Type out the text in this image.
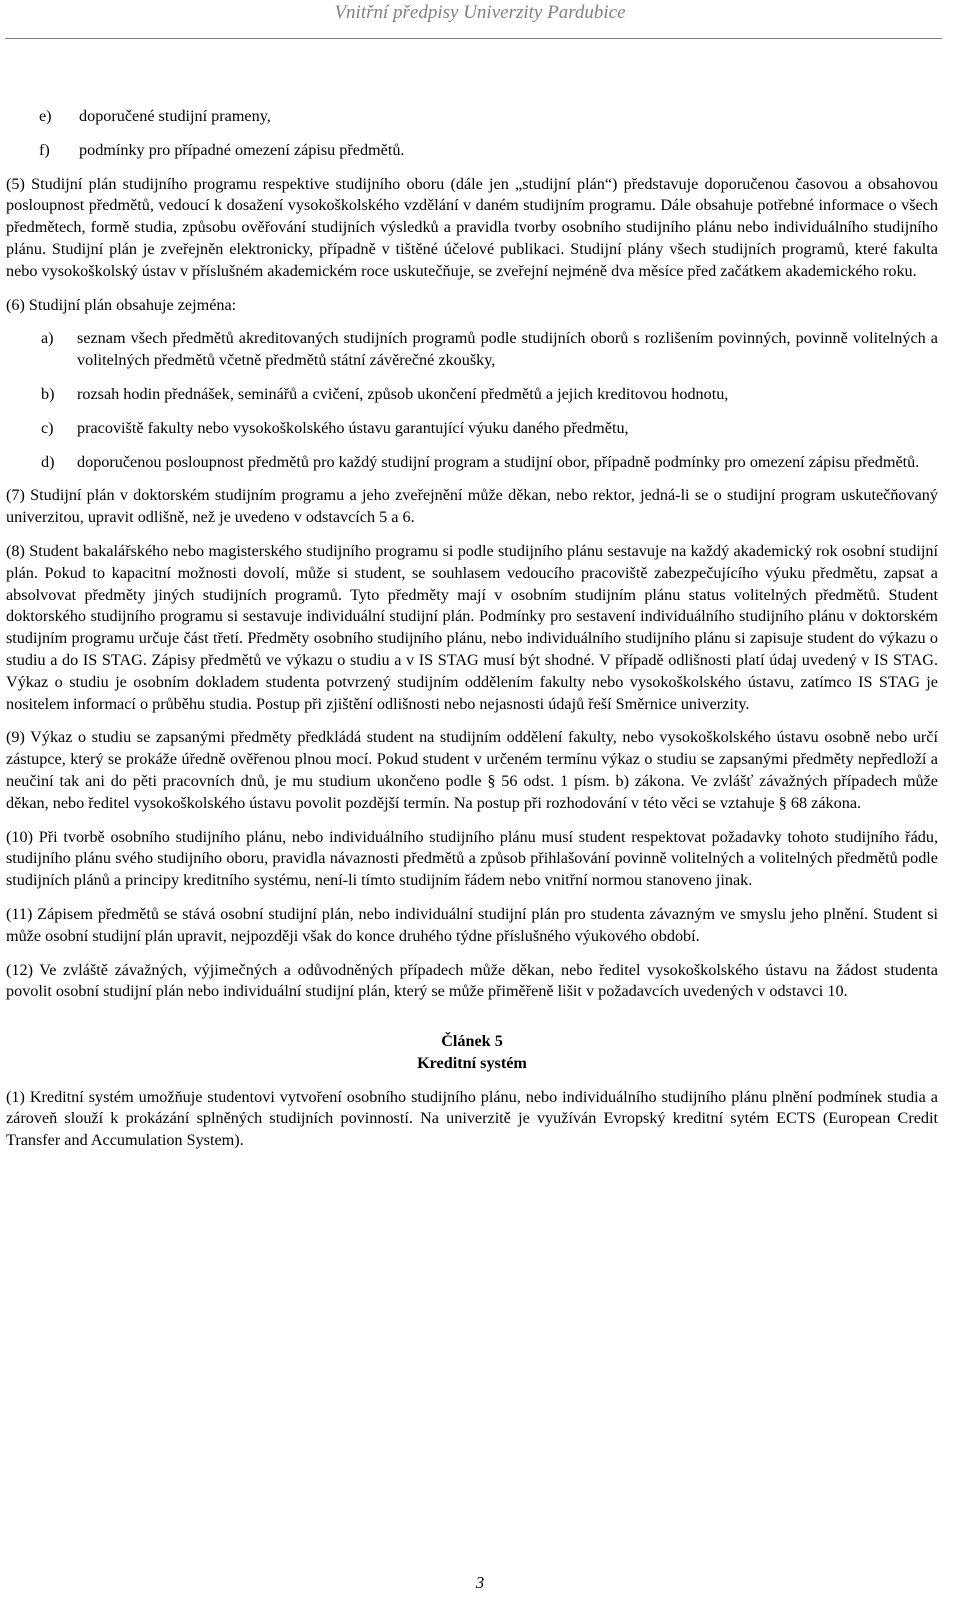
Vnitřní předpisy Univerzity Pardubice
e)	doporučené studijní prameny,
f)	podmínky pro případné omezení zápisu předmětů.

(5) Studijní plán studijního programu respektive studijního oboru (dále jen „studijní plán“) představuje doporučenou časovou a obsahovou posloupnost předmětů, vedoucí k dosažení vysokoškolského vzdělání v daném studijním programu. Dále obsahuje potřebné informace o všech předmětech, formě studia, způsobu ověřování studijních výsledků a pravidla tvorby osobního studijního plánu nebo individuálního studijního plánu. Studijní plán je zveřejněn elektronicky, případně v tištěné účelové publikaci. Studijní plány všech studijních programů, které fakulta nebo vysokoškolský ústav v příslušném akademickém roce uskutečňuje, se zveřejní nejméně dva měsíce před začátkem akademického roku.

(6) Studijní plán obsahuje zejména:

a)	seznam všech předmětů akreditovaných studijních programů podle studijních oborů s rozlišením povinných, povinně volitelných a volitelných předmětů včetně předmětů státní závěrečné zkoušky,
b)	rozsah hodin přednášek, seminářů a cvičení, způsob ukončení předmětů a jejich kreditovou hodnotu,
c)	pracoviště fakulty nebo vysokoškolského ústavu garantující výuku daného předmětu,
d)	doporučenou posloupnost předmětů pro každý studijní program a studijní obor, případně podmínky pro omezení zápisu předmětů.

(7) Studijní plán v doktorském studijním programu a jeho zveřejnění může děkan, nebo rektor, jedná-li se o studijní program uskutečňovaný univerzitou, upravit odlišně, než je uvedeno v odstavcích 5 a 6.

(8) Student bakalářského nebo magisterského studijního programu si podle studijního plánu sestavuje na každý akademický rok osobní studijní plán. Pokud to kapacitní možnosti dovolí, může si student, se souhlasem vedoucího pracoviště zabezpečujícího výuku předmětu, zapsat a absolvovat předměty jiných studijních programů. Tyto předměty mají v osobním studijním plánu status volitelných předmětů. Student doktorského studijního programu si sestavuje individuální studijní plán. Podmínky pro sestavení individuálního studijního plánu v doktorském studijním programu určuje část třetí. Předměty osobního studijního plánu, nebo individuálního studijního plánu si zapisuje student do výkazu o studiu a do IS STAG. Zápisy předmětů ve výkazu o studiu a v IS STAG musí být shodné. V případě odlišnosti platí údaj uvedený v IS STAG. Výkaz o studiu je osobním dokladem studenta potvrzený studijním oddělením fakulty nebo vysokoškolského ústavu, zatímco IS STAG je nositelem informací o průběhu studia. Postup při zjištění odlišnosti nebo nejasnosti údajů řeší Směrnice univerzity.

(9) Výkaz o studiu se zapsanými předměty předkládá student na studijním oddělení fakulty, nebo vysokoškolského ústavu osobně nebo určí zástupce, který se prokáže úředně ověřenou plnou mocí. Pokud student v určeném termínu výkaz o studiu se zapsanými předměty nepředloží a neučiní tak ani do pěti pracovních dnů, je mu studium ukončeno podle § 56 odst. 1 písm. b) zákona. Ve zvlášť závažných případech může děkan, nebo ředitel vysokoškolského ústavu povolit pozdější termín. Na postup při rozhodování v této věci se vztahuje § 68 zákona.

(10) Při tvorbě osobního studijního plánu, nebo individuálního studijního plánu musí student respektovat požadavky tohoto studijního řádu, studijního plánu svého studijního oboru, pravidla návaznosti předmětů a způsob přihlašování povinně volitelných a volitelných předmětů podle studijních plánů a principy kreditního systému, není-li tímto studijním řádem nebo vnitřní normou stanoveno jinak.

(11) Zápisem předmětů se stává osobní studijní plán, nebo individuální studijní plán pro studenta závazným ve smyslu jeho plnění. Student si může osobní studijní plán upravit, nejpozději však do konce druhého týdne příslušného výukového období.

(12) Ve zvláště závažných, výjimečných a odůvodněných případech může děkan, nebo ředitel vysokoškolského ústavu na žádost studenta povolit osobní studijní plán nebo individuální studijní plán, který se může přiměřeně lišit v požadavcích uvedených v odstavci 10.

Článek 5
Kreditní systém

(1) Kreditní systém umožňuje studentovi vytvoření osobního studijního plánu, nebo individuálního studijního plánu plnění podmínek studia a zároveň slouží k prokázání splněných studijních povinností. Na univerzitě je využíván Evropský kreditní sytém ECTS (European Credit Transfer and Accumulation System).

3
